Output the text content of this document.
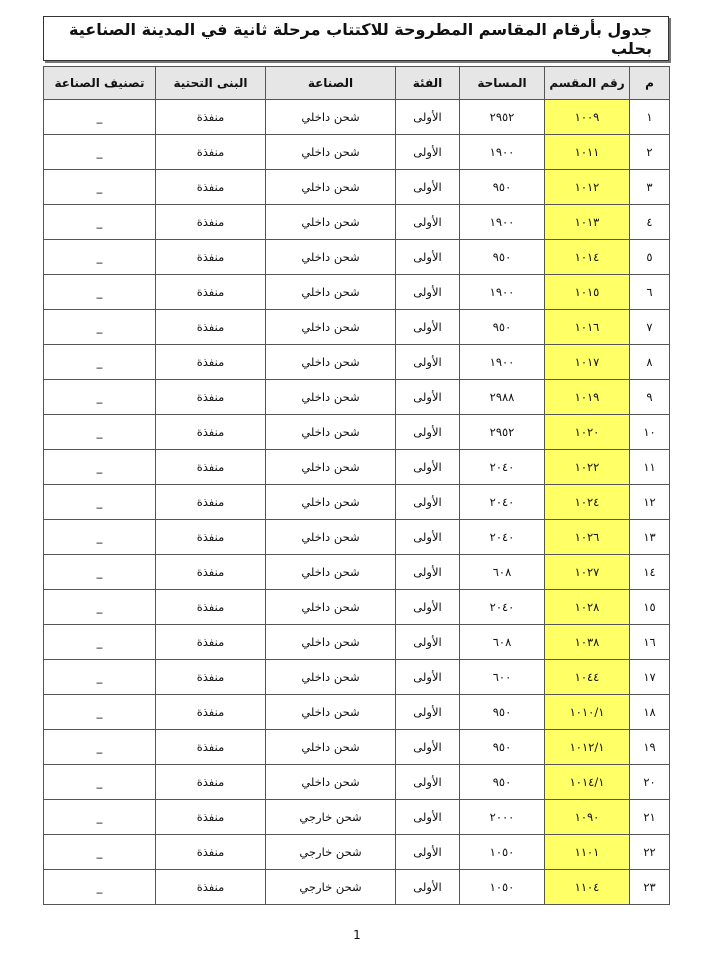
جدول بأرقام المقاسم المطروحة للاكتتاب مرحلة ثانية في المدينة الصناعية بحلب
م	رقم المقسم	المساحة	الفئة	الصناعة	البنى التحتية	تصنيف الصناعة
١	١٠٠٩	٢٩٥٢	الأولى	شحن داخلي	منفذة	_
٢	١٠١١	١٩٠٠	الأولى	شحن داخلي	منفذة	_
٣	١٠١٢	٩٥٠	الأولى	شحن داخلي	منفذة	_
٤	١٠١٣	١٩٠٠	الأولى	شحن داخلي	منفذة	_
٥	١٠١٤	٩٥٠	الأولى	شحن داخلي	منفذة	_
٦	١٠١٥	١٩٠٠	الأولى	شحن داخلي	منفذة	_
٧	١٠١٦	٩٥٠	الأولى	شحن داخلي	منفذة	_
٨	١٠١٧	١٩٠٠	الأولى	شحن داخلي	منفذة	_
٩	١٠١٩	٢٩٨٨	الأولى	شحن داخلي	منفذة	_
١٠	١٠٢٠	٢٩٥٢	الأولى	شحن داخلي	منفذة	_
١١	١٠٢٢	٢٠٤٠	الأولى	شحن داخلي	منفذة	_
١٢	١٠٢٤	٢٠٤٠	الأولى	شحن داخلي	منفذة	_
١٣	١٠٢٦	٢٠٤٠	الأولى	شحن داخلي	منفذة	_
١٤	١٠٢٧	٦٠٨	الأولى	شحن داخلي	منفذة	_
١٥	١٠٢٨	٢٠٤٠	الأولى	شحن داخلي	منفذة	_
١٦	١٠٣٨	٦٠٨	الأولى	شحن داخلي	منفذة	_
١٧	١٠٤٤	٦٠٠	الأولى	شحن داخلي	منفذة	_
١٨	١٠١٠/١	٩٥٠	الأولى	شحن داخلي	منفذة	_
١٩	١٠١٢/١	٩٥٠	الأولى	شحن داخلي	منفذة	_
٢٠	١٠١٤/١	٩٥٠	الأولى	شحن داخلي	منفذة	_
٢١	١٠٩٠	٢٠٠٠	الأولى	شحن خارجي	منفذة	_
٢٢	١١٠١	١٠٥٠	الأولى	شحن خارجي	منفذة	_
٢٣	١١٠٤	١٠٥٠	الأولى	شحن خارجي	منفذة	_
1
